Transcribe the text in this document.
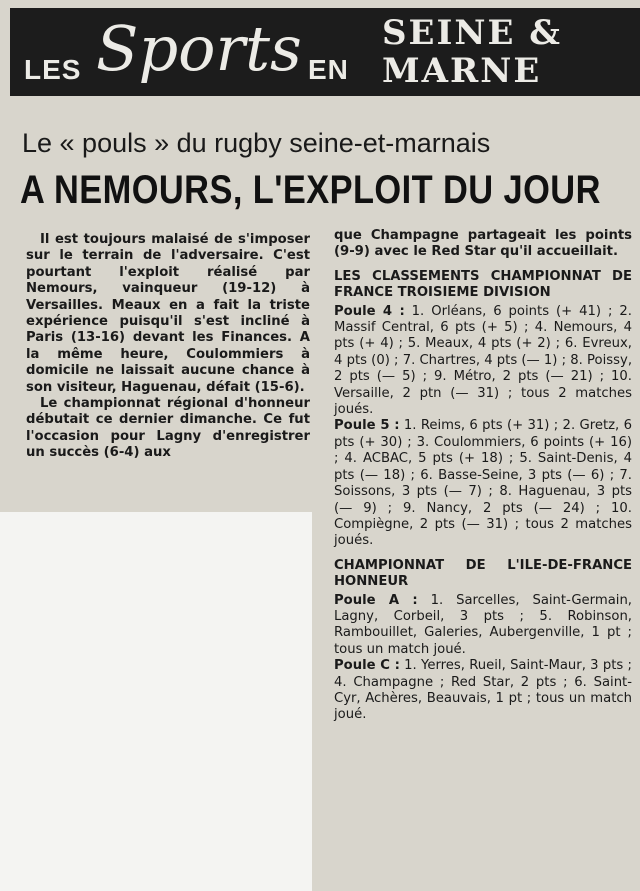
LES Sports EN
SEINE &
MARNE
Le « pouls » du rugby seine-et-marnais
A NEMOURS, L'EXPLOIT DU JOUR

Il est toujours malaisé de s'imposer sur le terrain de l'adversaire. C'est pourtant l'exploit réalisé par Nemours, vainqueur (19-12) à Versailles. Meaux en a fait la triste expérience puisqu'il s'est incliné à Paris (13-16) devant les Finances. A la même heure, Coulommiers à domicile ne laissait aucune chance à son visiteur, Haguenau, défait (15-6).

Le championnat régional d'honneur débutait ce dernier dimanche. Ce fut l'occasion pour Lagny d'enregistrer un succès (6-4) aux

que Champagne partageait les points (9-9) avec le Red Star qu'il accueillait.

LES CLASSEMENTS CHAMPIONNAT DE FRANCE TROISIEME DIVISION

Poule 4 : 1. Orléans, 6 points (+ 41) ; 2. Massif Central, 6 pts (+ 5) ; 4. Nemours, 4 pts (+ 4) ; 5. Meaux, 4 pts (+ 2) ; 6. Evreux, 4 pts (0) ; 7. Chartres, 4 pts (— 1) ; 8. Poissy, 2 pts (— 5) ; 9. Métro, 2 pts (— 21) ; 10. Versaille, 2 ptn (— 31) ; tous 2 matches joués.

Poule 5 : 1. Reims, 6 pts (+ 31) ; 2. Gretz, 6 pts (+ 30) ; 3. Coulommiers, 6 points (+ 16) ; 4. ACBAC, 5 pts (+ 18) ; 5. Saint-Denis, 4 pts (— 18) ; 6. Basse-Seine, 3 pts (— 6) ; 7. Soissons, 3 pts (— 7) ; 8. Haguenau, 3 pts (— 9) ; 9. Nancy, 2 pts (— 24) ; 10. Compiègne, 2 pts (— 31) ; tous 2 matches joués.

CHAMPIONNAT DE L'ILE-DE-FRANCE HONNEUR

Poule A : 1. Sarcelles, Saint-Germain, Lagny, Corbeil, 3 pts ; 5. Robinson, Rambouillet, Galeries, Aubergenville, 1 pt ; tous un match joué.

Poule C : 1. Yerres, Rueil, Saint-Maur, 3 pts ; 4. Champagne ; Red Star, 2 pts ; 6. Saint-Cyr, Achères, Beauvais, 1 pt ; tous un match joué.
